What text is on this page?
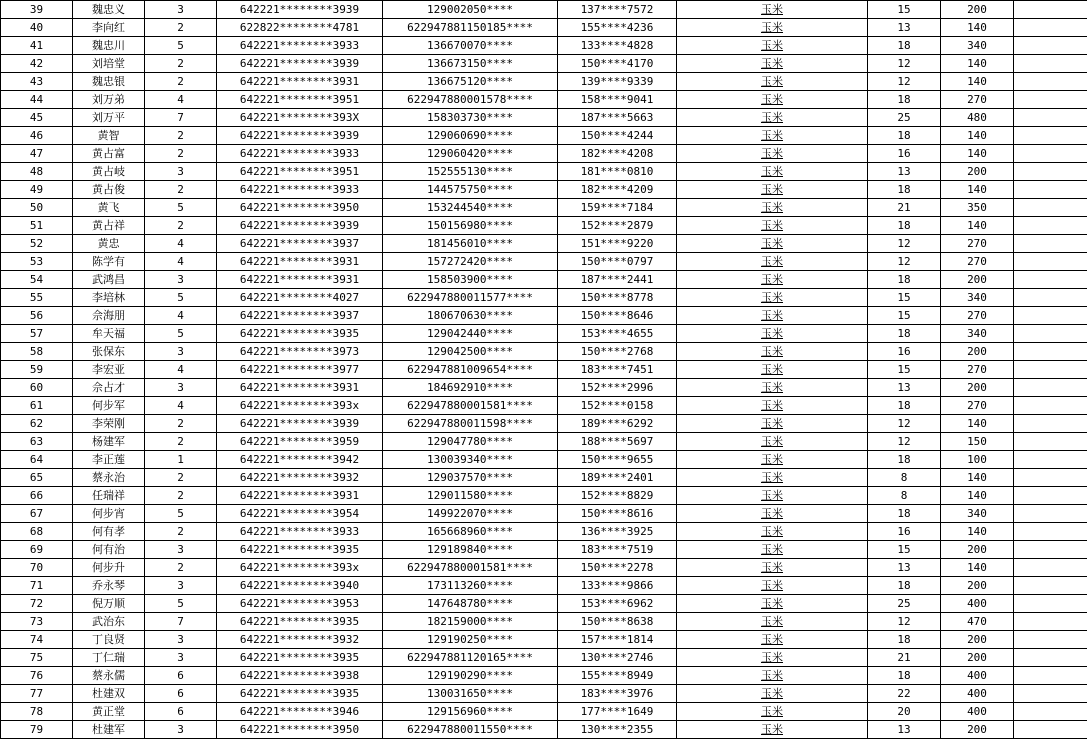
39	魏忠义	3	642221********3939	129002050****	137****7572	玉米	15	200	
40	李向红	2	622822********4781	622947881150185****	155****4236	玉米	13	140	
41	魏忠川	5	642221********3933	136670070****	133****4828	玉米	18	340	
42	刘培堂	2	642221********3939	136673150****	150****4170	玉米	12	140	
43	魏忠银	2	642221********3931	136675120****	139****9339	玉米	12	140	
44	刘万弟	4	642221********3951	622947880001578****	158****9041	玉米	18	270	
45	刘万平	7	642221********393X	158303730****	187****5663	玉米	25	480	
46	黄智	2	642221********3939	129060690****	150****4244	玉米	18	140	
47	黄占富	2	642221********3933	129060420****	182****4208	玉米	16	140	
48	黄占岐	3	642221********3951	152555130****	181****0810	玉米	13	200	
49	黄占俊	2	642221********3933	144575750****	182****4209	玉米	18	140	
50	黄飞	5	642221********3950	153244540****	159****7184	玉米	21	350	
51	黄占祥	2	642221********3939	150156980****	152****2879	玉米	18	140	
52	黄忠	4	642221********3937	181456010****	151****9220	玉米	12	270	
53	陈学有	4	642221********3931	157272420****	150****0797	玉米	12	270	
54	武鸿昌	3	642221********3931	158503900****	187****2441	玉米	18	200	
55	李培林	5	642221********4027	622947880011577****	150****8778	玉米	15	340	
56	佘海朋	4	642221********3937	180670630****	150****8646	玉米	15	270	
57	牟天福	5	642221********3935	129042440****	153****4655	玉米	18	340	
58	张保东	3	642221********3973	129042500****	150****2768	玉米	16	200	
59	李宏亚	4	642221********3977	622947881009654****	183****7451	玉米	15	270	
60	佘占才	3	642221********3931	184692910****	152****2996	玉米	13	200	
61	何步军	4	642221********393x	622947880001581****	152****0158	玉米	18	270	
62	李荣刚	2	642221********3939	622947880011598****	189****6292	玉米	12	140	
63	杨建军	2	642221********3959	129047780****	188****5697	玉米	12	150	
64	李正莲	1	642221********3942	130039340****	150****9655	玉米	18	100	
65	蔡永治	2	642221********3932	129037570****	189****2401	玉米	8	140	
66	任瑞祥	2	642221********3931	129011580****	152****8829	玉米	8	140	
67	何步宵	5	642221********3954	149922070****	150****8616	玉米	18	340	
68	何有孝	2	642221********3933	165668960****	136****3925	玉米	16	140	
69	何有治	3	642221********3935	129189840****	183****7519	玉米	15	200	
70	何步升	2	642221********393x	622947880001581****	150****2278	玉米	13	140	
71	乔永琴	3	642221********3940	173113260****	133****9866	玉米	18	200	
72	倪万顺	5	642221********3953	147648780****	153****6962	玉米	25	400	
73	武治东	7	642221********3935	182159000****	150****8638	玉米	12	470	
74	丁良贤	3	642221********3932	129190250****	157****1814	玉米	18	200	
75	丁仁瑞	3	642221********3935	622947881120165****	130****2746	玉米	21	200	
76	蔡永儒	6	642221********3938	129190290****	155****8949	玉米	18	400	
77	杜建双	6	642221********3935	130031650****	183****3976	玉米	22	400	
78	黄正堂	6	642221********3946	129156960****	177****1649	玉米	20	400	
79	杜建军	3	642221********3950	622947880011550****	130****2355	玉米	13	200	
